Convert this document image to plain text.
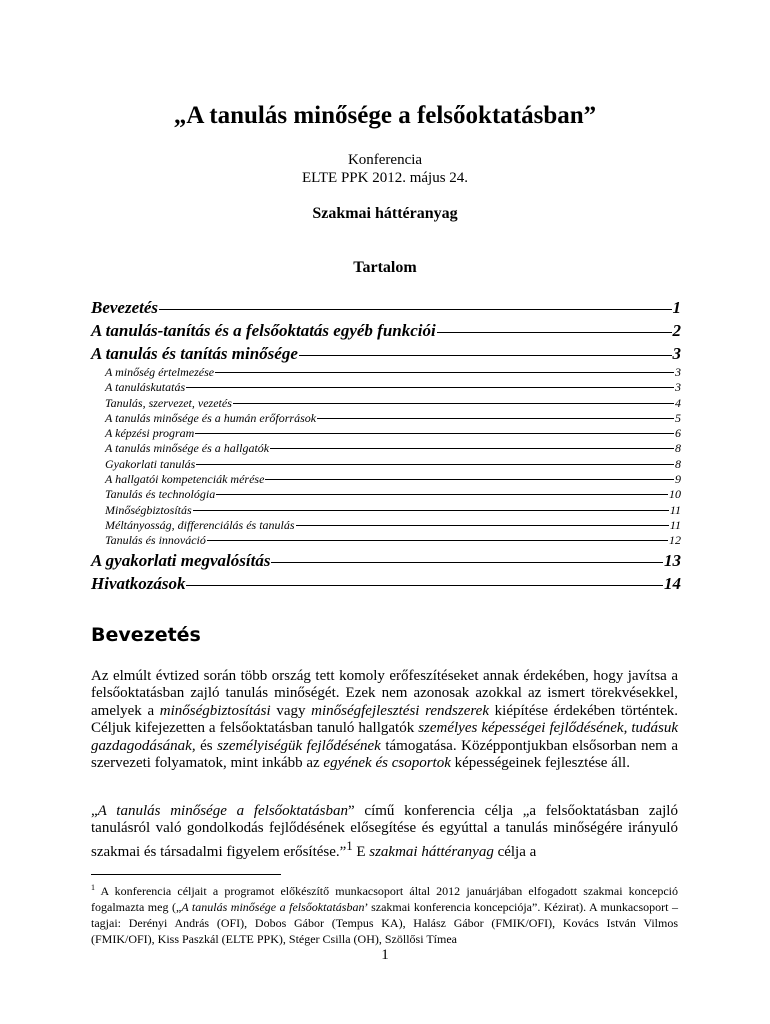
„A tanulás minősége a felsőoktatásban”
Konferencia
ELTE PPK 2012. május 24.
Szakmai háttéranyag
Tartalom
Bevezetés	1
A tanulás-tanítás és a felsőoktatás egyéb funkciói	2
A tanulás és tanítás minősége	3
A minőség értelmezése	3
A tanuláskutatás	3
Tanulás, szervezet, vezetés	4
A tanulás minősége és a humán erőforrások	5
A képzési program	6
A tanulás minősége és a hallgatók	8
Gyakorlati tanulás	8
A hallgatói kompetenciák mérése	9
Tanulás és technológia	10
Minőségbiztosítás	11
Méltányosság, differenciálás és tanulás	11
Tanulás és innováció	12
A gyakorlati megvalósítás	13
Hivatkozások	14
Bevezetés
Az elmúlt évtized során több ország tett komoly erőfeszítéseket annak érdekében, hogy javítsa a felsőoktatásban zajló tanulás minőségét. Ezek nem azonosak azokkal az ismert törekvésekkel, amelyek a minőségbiztosítási vagy minőségfejlesztési rendszerek kiépítése érdekében történtek. Céljuk kifejezetten a felsőoktatásban tanuló hallgatók személyes képességei fejlődésének, tudásuk gazdagodásának, és személyiségük fejlődésének támogatása. Középpontjukban elsősorban nem a szervezeti folyamatok, mint inkább az egyének és csoportok képességeinek fejlesztése áll.
„A tanulás minősége a felsőoktatásban” című konferencia célja „a felsőoktatásban zajló tanulásról való gondolkodás fejlődésének elősegítése és egyúttal a tanulás minőségére irányuló szakmai és társadalmi figyelem erősítése.”$^1$ E szakmai háttéranyag célja a
$^1$ A konferencia céljait a programot előkészítő munkacsoport által 2012 januárjában elfogadott szakmai koncepció fogalmazta meg („A tanulás minősége a felsőoktatásban’ szakmai konferencia koncepciója”. Kézirat). A munkacsoport – tagjai: Derényi András (OFI), Dobos Gábor (Tempus KA), Halász Gábor (FMIK/OFI), Kovács István Vilmos (FMIK/OFI), Kiss Paszkál (ELTE PPK), Stéger Csilla (OH), Szöllősi Tímea
1
